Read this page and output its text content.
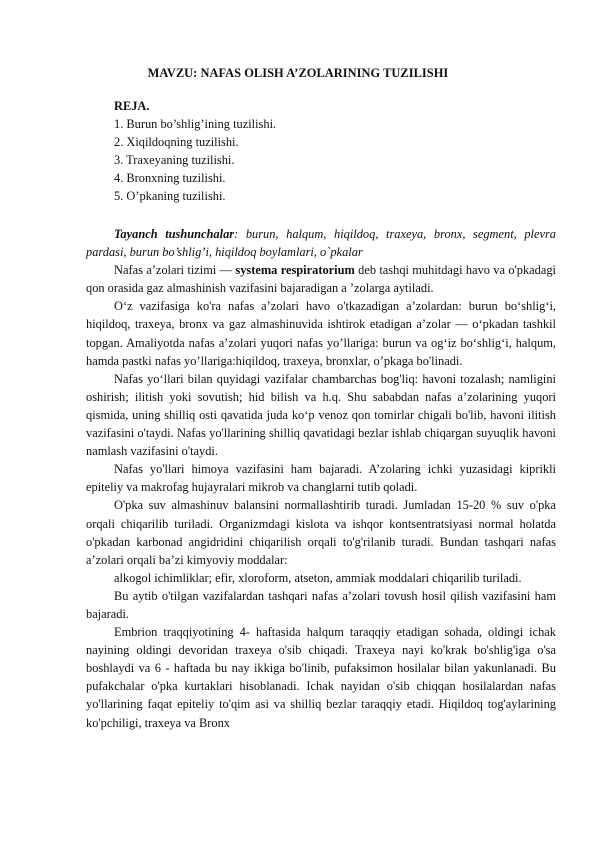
MAVZU: NAFAS OLISH A’ZOLARINING TUZILISHI
REJA.
1. Burun bo’shlig’ining tuzilishi.
2. Xiqildoqning tuzilishi.
3. Traxeyaning tuzilishi.
4. Bronxning tuzilishi.
5. O’pkaning tuzilishi.

Tayanch tushunchalar: burun, halqum, hiqildoq, traxeya, bronx, segment, plevra pardasi, burun bo’shlig’i, hiqildoq boylamlari, o`pkalar

Nafas a’zolari tizimi — systema respiratorium deb tashqi muhitdagi havo va o'pkadagi qon orasida gaz almashinish vazifasini bajaradigan a ’zolarga aytiladi.

O‘z vazifasiga ko'ra nafas a’zolari havo o'tkazadigan a’zolardan: burun bo‘shlig‘i, hiqildoq, traxeya, bronx va gaz almashinuvida ishtirok etadigan a’zolar — o‘pkadan tashkil topgan. Amaliyotda nafas a’zolari yuqori nafas yo’llariga: burun va og‘iz bo‘shlig‘i, halqum, hamda pastki nafas yo’llariga:hiqildoq, traxeya, bronxlar, o’pkaga bo'linadi.

Nafas yo‘llari bilan quyidagi vazifalar chambarchas bog'liq: havoni tozalash; namligini oshirish; ilitish yoki sovutish; hid bilish va h.q. Shu sababdan nafas a’zolarining yuqori qismida, uning shilliq osti qavatida juda ko‘p venoz qon tomirlar chigali bo'lib, havoni ilitish vazifasini o'taydi. Nafas yo'llarining shilliq qavatidagi bezlar ishlab chiqargan suyuqlik havoni namlash vazifasini o'taydi.

Nafas yo'llari himoya vazifasini ham bajaradi. A’zolaring ichki yuzasidagi kiprikli epiteliy va makrofag hujayralari mikrob va changlarni tutib qoladi.

O'pka suv almashinuv balansini normallashtirib turadi. Jumladan 15-20 % suv o'pka orqali chiqarilib turiladi. Organizmdagi kislota va ishqor kontsentratsiyasi normal holatda o'pkadan karbonad angidridini chiqarilish orqali to'g'rilanib turadi. Bundan tashqari nafas a’zolari orqali ba’zi kimyoviy moddalar:

alkogol ichimliklar; efir, xloroform, atseton, ammiak moddalari chiqarilib turiladi.

Bu aytib o'tilgan vazifalardan tashqari nafas a’zolari tovush hosil qilish vazifasini ham bajaradi.

Embrion traqqiyotining 4- haftasida halqum taraqqiy etadigan sohada, oldingi ichak nayining oldingi devoridan traxeya o'sib chiqadi. Traxeya nayi ko'krak bo'shlig'iga o'sa boshlaydi va 6 - haftada bu nay ikkiga bo'linib, pufaksimon hosilalar bilan yakunlanadi. Bu pufakchalar o'pka kurtaklari hisoblanadi. Ichak nayidan o'sib chiqqan hosilalardan nafas yo'llarining faqat epiteliy to'qim asi va shilliq bezlar taraqqiy etadi. Hiqildoq tog'aylarining ko'pchiligi, traxeya va Bronx
